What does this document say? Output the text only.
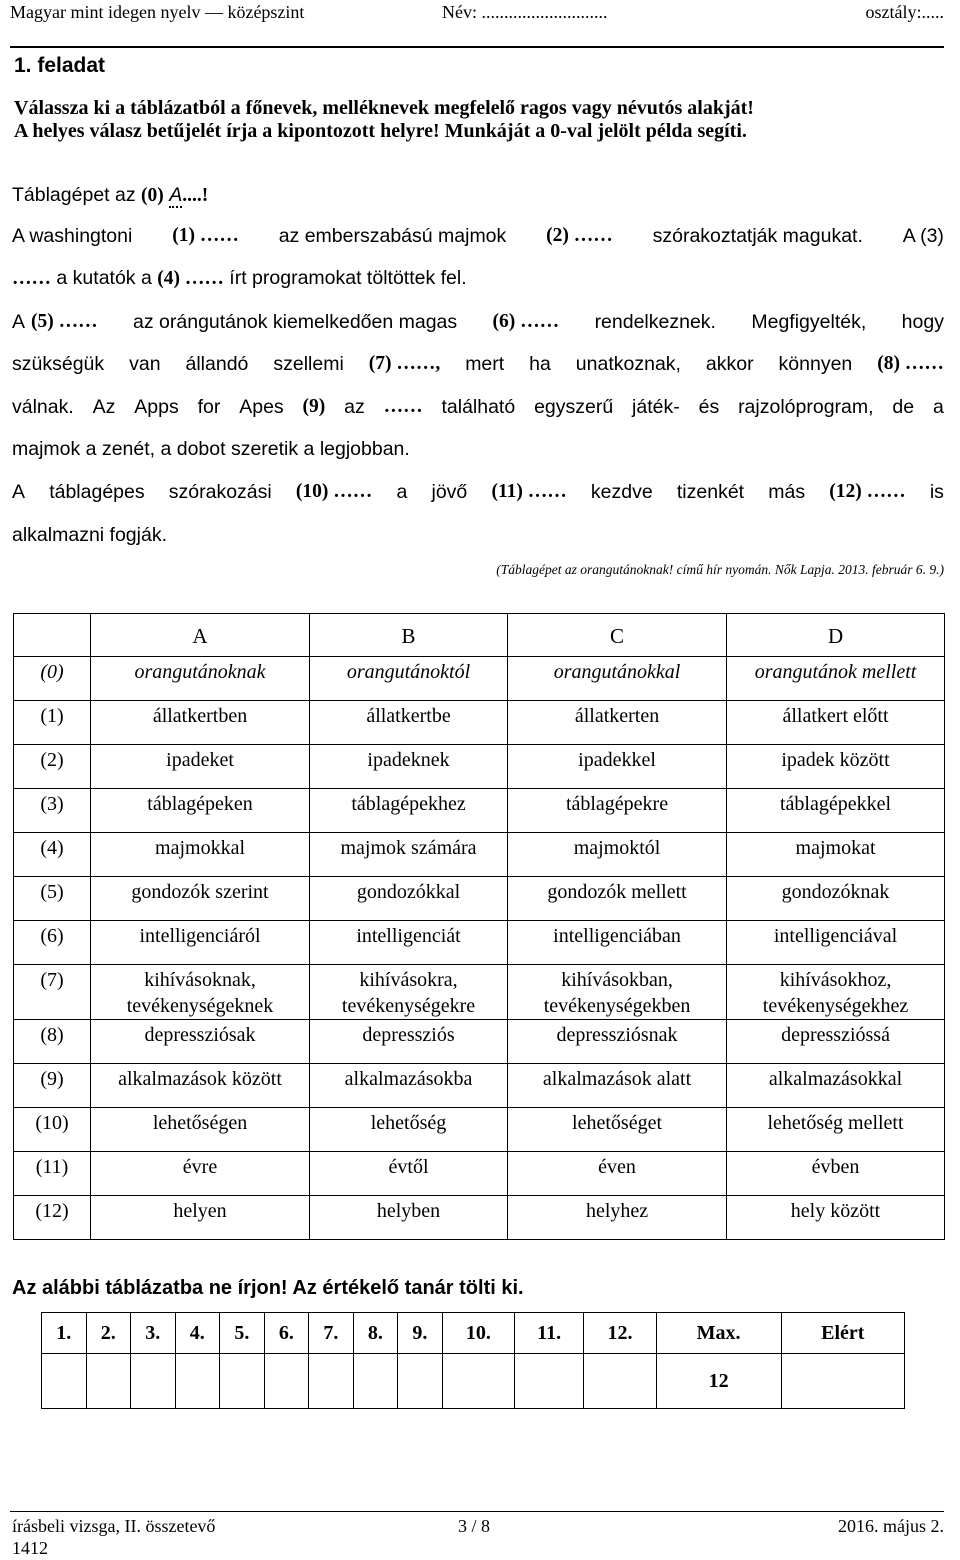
Magyar mint idegen nyelv — középszint	Név: ............................	osztály:.....
1. feladat
Válassza ki a táblázatból a főnevek, melléknevek megfelelő ragos vagy névutós alakját!
A helyes válasz betűjelét írja a kipontozott helyre! Munkáját a 0-val jelölt példa segíti.
Táblagépet az (0) A....!
A washingtoni (1) …… az emberszabású majmok (2) …… szórakoztatják magukat. A (3)
…… a kutatók a (4) …… írt programokat töltöttek fel.
A (5) …… az orángutánok kiemelkedően magas (6) …… rendelkeznek. Megfigyelték, hogy
szükségük van állandó szellemi (7) ……, mert ha unatkoznak, akkor könnyen (8) ……
válnak. Az Apps for Apes (9) az …… található egyszerű játék- és rajzolóprogram, de a
majmok a zenét, a dobot szeretik a legjobban.
A táblagépes szórakozási (10) …… a jövő (11) …… kezdve tizenkét más (12) …… is
alkalmazni fogják.
(Táblagépet az orangutánoknak! című hír nyomán. Nők Lapja. 2013. február 6. 9.)
	A	B	C	D
(0)	orangutánoknak	orangutánoktól	orangutánokkal	orangutánok mellett
(1)	állatkertben	állatkertbe	állatkerten	állatkert előtt
(2)	ipadeket	ipadeknek	ipadekkel	ipadek között
(3)	táblagépeken	táblagépekhez	táblagépekre	táblagépekkel
(4)	majmokkal	majmok számára	majmoktól	majmokat
(5)	gondozók szerint	gondozókkal	gondozók mellett	gondozóknak
(6)	intelligenciáról	intelligenciát	intelligenciában	intelligenciával
(7)	kihívásoknak, tevékenységeknek	kihívásokra, tevékenységekre	kihívásokban, tevékenységekben	kihívásokhoz, tevékenységekhez
(8)	depressziósak	depressziós	depressziósnak	depresszióssá
(9)	alkalmazások között	alkalmazásokba	alkalmazások alatt	alkalmazásokkal
(10)	lehetőségen	lehetőség	lehetőséget	lehetőség mellett
(11)	évre	évtől	éven	évben
(12)	helyen	helyben	helyhez	hely között
Az alábbi táblázatba ne írjon! Az értékelő tanár tölti ki.
1.	2.	3.	4.	5.	6.	7.	8.	9.	10.	11.	12.	Max.	Elért
												12	
írásbeli vizsga, II. összetevő
1412
3 / 8	2016. május 2.
